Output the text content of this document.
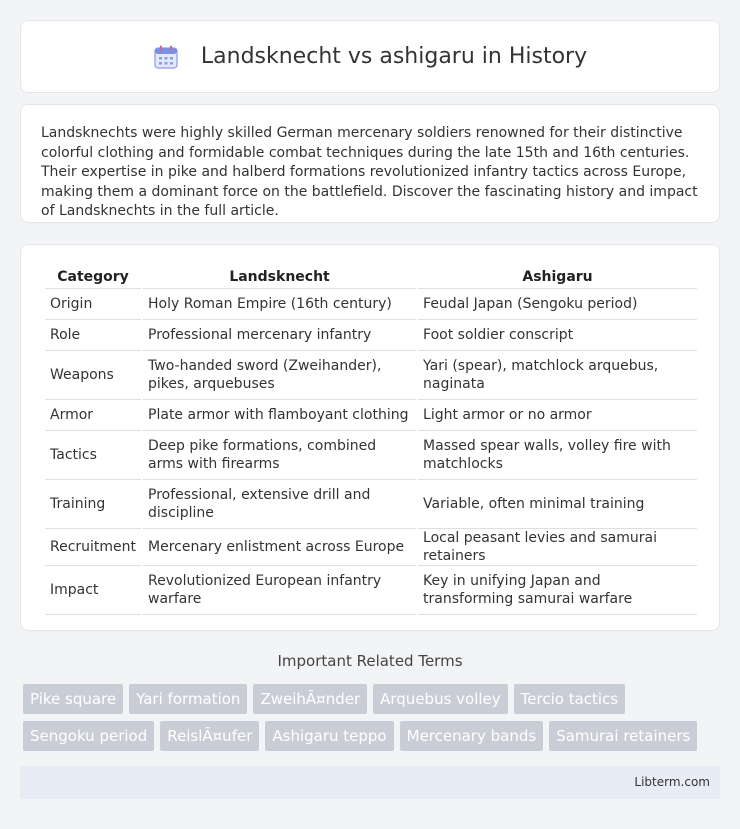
Landsknecht vs ashigaru in History

Landsknechts were highly skilled German mercenary soldiers renowned for their distinctive colorful clothing and formidable combat techniques during the late 15th and 16th centuries. Their expertise in pike and halberd formations revolutionized infantry tactics across Europe, making them a dominant force on the battlefield. Discover the fascinating history and impact of Landsknechts in the full article.

Category	Landsknecht	Ashigaru
Origin	Holy Roman Empire (16th century)	Feudal Japan (Sengoku period)
Role	Professional mercenary infantry	Foot soldier conscript
Weapons	Two-handed sword (Zweihander), pikes, arquebuses	Yari (spear), matchlock arquebus, naginata
Armor	Plate armor with flamboyant clothing	Light armor or no armor
Tactics	Deep pike formations, combined arms with firearms	Massed spear walls, volley fire with matchlocks
Training	Professional, extensive drill and discipline	Variable, often minimal training
Recruitment	Mercenary enlistment across Europe	Local peasant levies and samurai retainers
Impact	Revolutionized European infantry warfare	Key in unifying Japan and transforming samurai warfare
Important Related Terms
Pike square	Yari formation	ZweihÃ¤nder	Arquebus volley	Tercio tactics
Sengoku period	ReislÃ¤ufer	Ashigaru teppo	Mercenary bands	Samurai retainers
Libterm.com
